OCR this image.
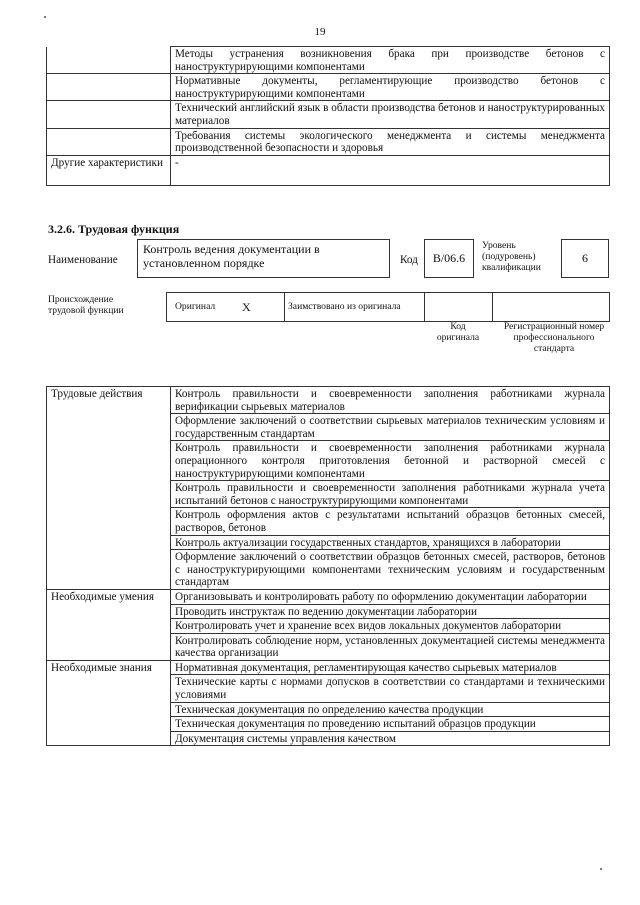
19
	Методы устранения возникновения брака при производстве бетонов с наноструктурирующими компонентами
	Нормативные документы, регламентирующие производство бетонов с наноструктурирующими компонентами
	Технический английский язык в области производства бетонов и наноструктурированных материалов
	Требования системы экологического менеджмента и системы менеджмента производственной безопасности и здоровья
Другие характеристики	-
3.2.6. Трудовая функция
Наименование
Контроль ведения документации в установленном порядке	Код	B/06.6
Уровень (подуровень) квалификации
6
Происхождение трудовой функции	Оригинал X	Заимствовано из оригинала
Код оригинала
Регистрационный номер профессионального стандарта
Трудовые действия	Контроль правильности и своевременности заполнения работниками журнала верификации сырьевых материалов
	Оформление заключений о соответствии сырьевых материалов техническим условиям и государственным стандартам
	Контроль правильности и своевременности заполнения работниками журнала операционного контроля приготовления бетонной и растворной смесей с наноструктурирующими компонентами
	Контроль правильности и своевременности заполнения работниками журнала учета испытаний бетонов с наноструктурирующими компонентами
	Контроль оформления актов с результатами испытаний образцов бетонных смесей, растворов, бетонов
	Контроль актуализации государственных стандартов, хранящихся в лаборатории
	Оформление заключений о соответствии образцов бетонных смесей, растворов, бетонов с наноструктурирующими компонентами техническим условиям и государственным стандартам
Необходимые умения	Организовывать и контролировать работу по оформлению документации лаборатории
	Проводить инструктаж по ведению документации лаборатории
	Контролировать учет и хранение всех видов локальных документов лаборатории
	Контролировать соблюдение норм, установленных документацией системы менеджмента качества организации
Необходимые знания	Нормативная документация, регламентирующая качество сырьевых материалов
	Технические карты с нормами допусков в соответствии со стандартами и техническими условиями
	Техническая документация по определению качества продукции
	Техническая документация по проведению испытаний образцов продукции
	Документация системы управления качеством
